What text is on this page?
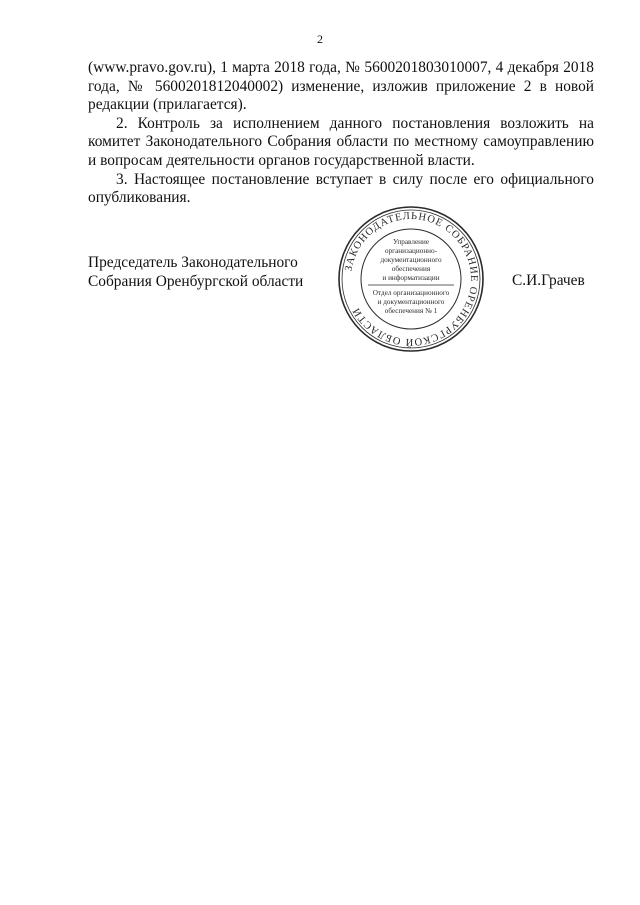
2

(www.pravo.gov.ru), 1 марта 2018 года, № 5600201803010007, 4 декабря 2018 года, № 5600201812040002) изменение, изложив приложение 2 в новой редакции (прилагается).

2. Контроль за исполнением данного постановления возложить на комитет Законодательного Собрания области по местному самоуправлению и вопросам деятельности органов государственной власти.

3. Настоящее постановление вступает в силу после его официального опубликования.

Председатель Законодательного
Собрания Оренбургской области	С.И.Грачев
ЗАКОНОДАТЕЛЬНОЕ СОБРАНИЕ ОРЕНБУРГСКОЙ ОБЛАСТИ
Управление
организационно-
документационного
обеспечения
и информатизации
Отдел организационного
и документационного
обеспечения № 1
